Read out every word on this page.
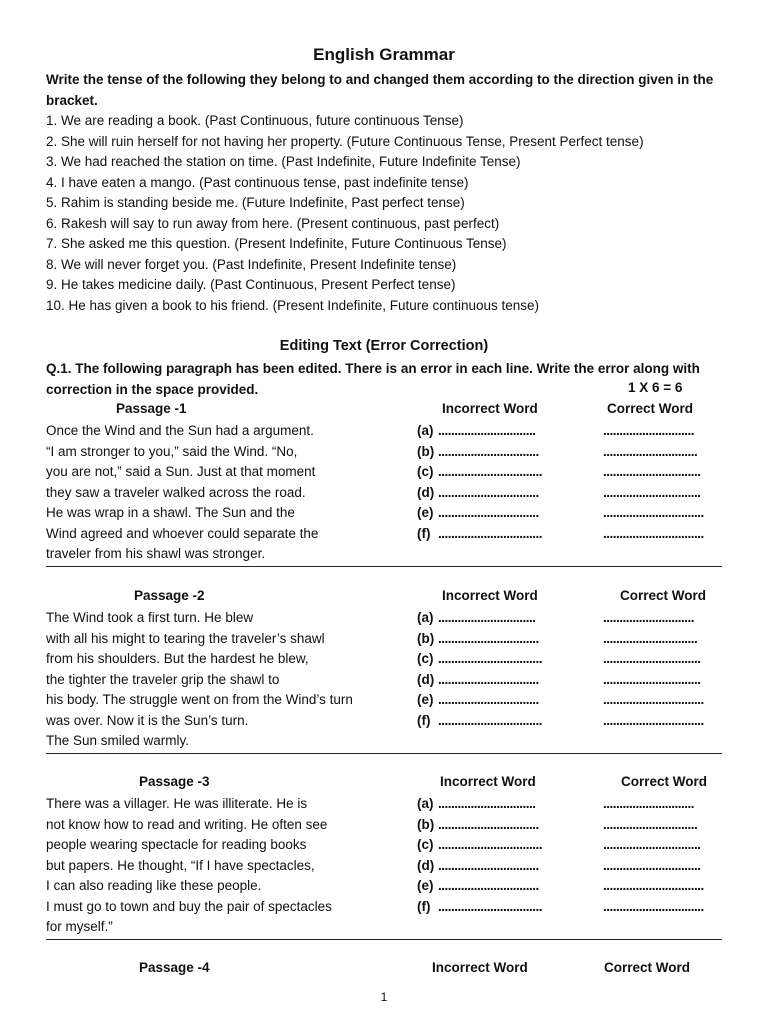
English Grammar
Write the tense of the following they belong to and changed them according to the direction given in the bracket.
1. We are reading a book. (Past Continuous, future continuous Tense)
2. She will ruin herself for not having her property. (Future Continuous Tense, Present Perfect tense)
3. We had reached the station on time. (Past Indefinite, Future Indefinite Tense)
4. I have eaten a mango. (Past continuous tense, past indefinite tense)
5. Rahim is standing beside me. (Future Indefinite, Past perfect tense)
6. Rakesh will say to run away from here. (Present continuous, past perfect)
7. She asked me this question. (Present Indefinite, Future Continuous Tense)
8. We will never forget you. (Past Indefinite, Present Indefinite tense)
9. He takes medicine daily. (Past Continuous, Present Perfect tense)
10. He has given a book to his friend. (Present Indefinite, Future continuous tense)
Editing Text (Error Correction)
Q.1. The following paragraph has been edited. There is an error in each line. Write the error along with correction in the space provided.	1 X 6 = 6
Passage -1	Incorrect Word	Correct Word
Once the Wind and the Sun had a argument.	(a) ..............................	............................
“I am stronger to you,” said the Wind. “No,	(b) ...............................	.............................
you are not,” said a Sun. Just at that moment	(c) ................................	..............................
they saw a traveler walked across the road.	(d) ...............................	..............................
He was wrap in a shawl. The Sun and the	(e) ...............................	...............................
Wind agreed and whoever could separate the	(f) ................................	...............................
traveler from his shawl was stronger.
Passage -2	Incorrect Word	Correct Word
The Wind took a first turn. He blew	(a) ..............................	............................
with all his might to tearing the traveler’s shawl	(b) ...............................	.............................
from his shoulders. But the hardest he blew,	(c) ................................	..............................
the tighter the traveler grip the shawl to	(d) ...............................	..............................
his body. The struggle went on from the Wind’s turn	(e) ...............................	...............................
was over. Now it is the Sun’s turn.	(f) ................................	...............................
The Sun smiled warmly.
Passage -3	Incorrect Word	Correct Word
There was a villager. He was illiterate. He is	(a) ..............................	............................
not know how to read and writing. He often see	(b) ...............................	.............................
people wearing spectacle for reading books	(c) ................................	..............................
but papers. He thought, “If I have spectacles,	(d) ...............................	..............................
I can also reading like these people.	(e) ...............................	...............................
I must go to town and buy the pair of spectacles	(f) ................................	...............................
for myself.”
Passage -4	Incorrect Word	Correct Word
1
